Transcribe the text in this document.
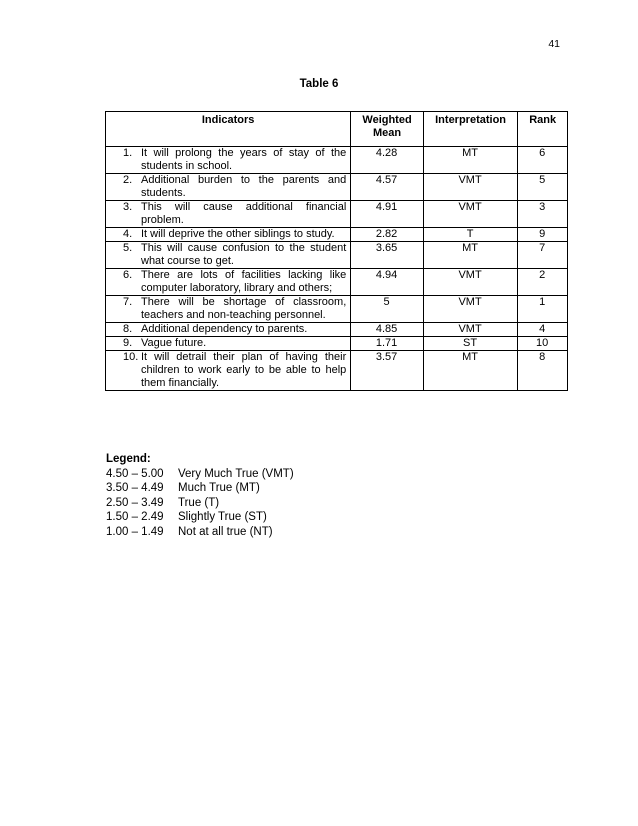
41
Table 6
Indicators	Weighted Mean	Interpretation	Rank

1. It will prolong the years of stay of the students in school.	4.28	MT	6

2. Additional burden to the parents and students.	4.57	VMT	5

3. This will cause additional financial problem.	4.91	VMT	3

4. It will deprive the other siblings to study.	2.82	T	9

5. This will cause confusion to the student what course to get.	3.65	MT	7

6. There are lots of facilities lacking like computer laboratory, library and others;	4.94	VMT	2

7. There will be shortage of classroom, teachers and non-teaching personnel.	5	VMT	1

8. Additional dependency to parents.	4.85	VMT	4

9. Vague future.	1.71	ST	10

10. It will detrail their plan of having their children to work early to be able to help them financially.	3.57	MT	8
Legend:
4.50 – 5.00	Very Much True (VMT)
3.50 – 4.49	Much True (MT)
2.50 – 3.49	True (T)
1.50 – 2.49	Slightly True (ST)
1.00 – 1.49	Not at all true (NT)
